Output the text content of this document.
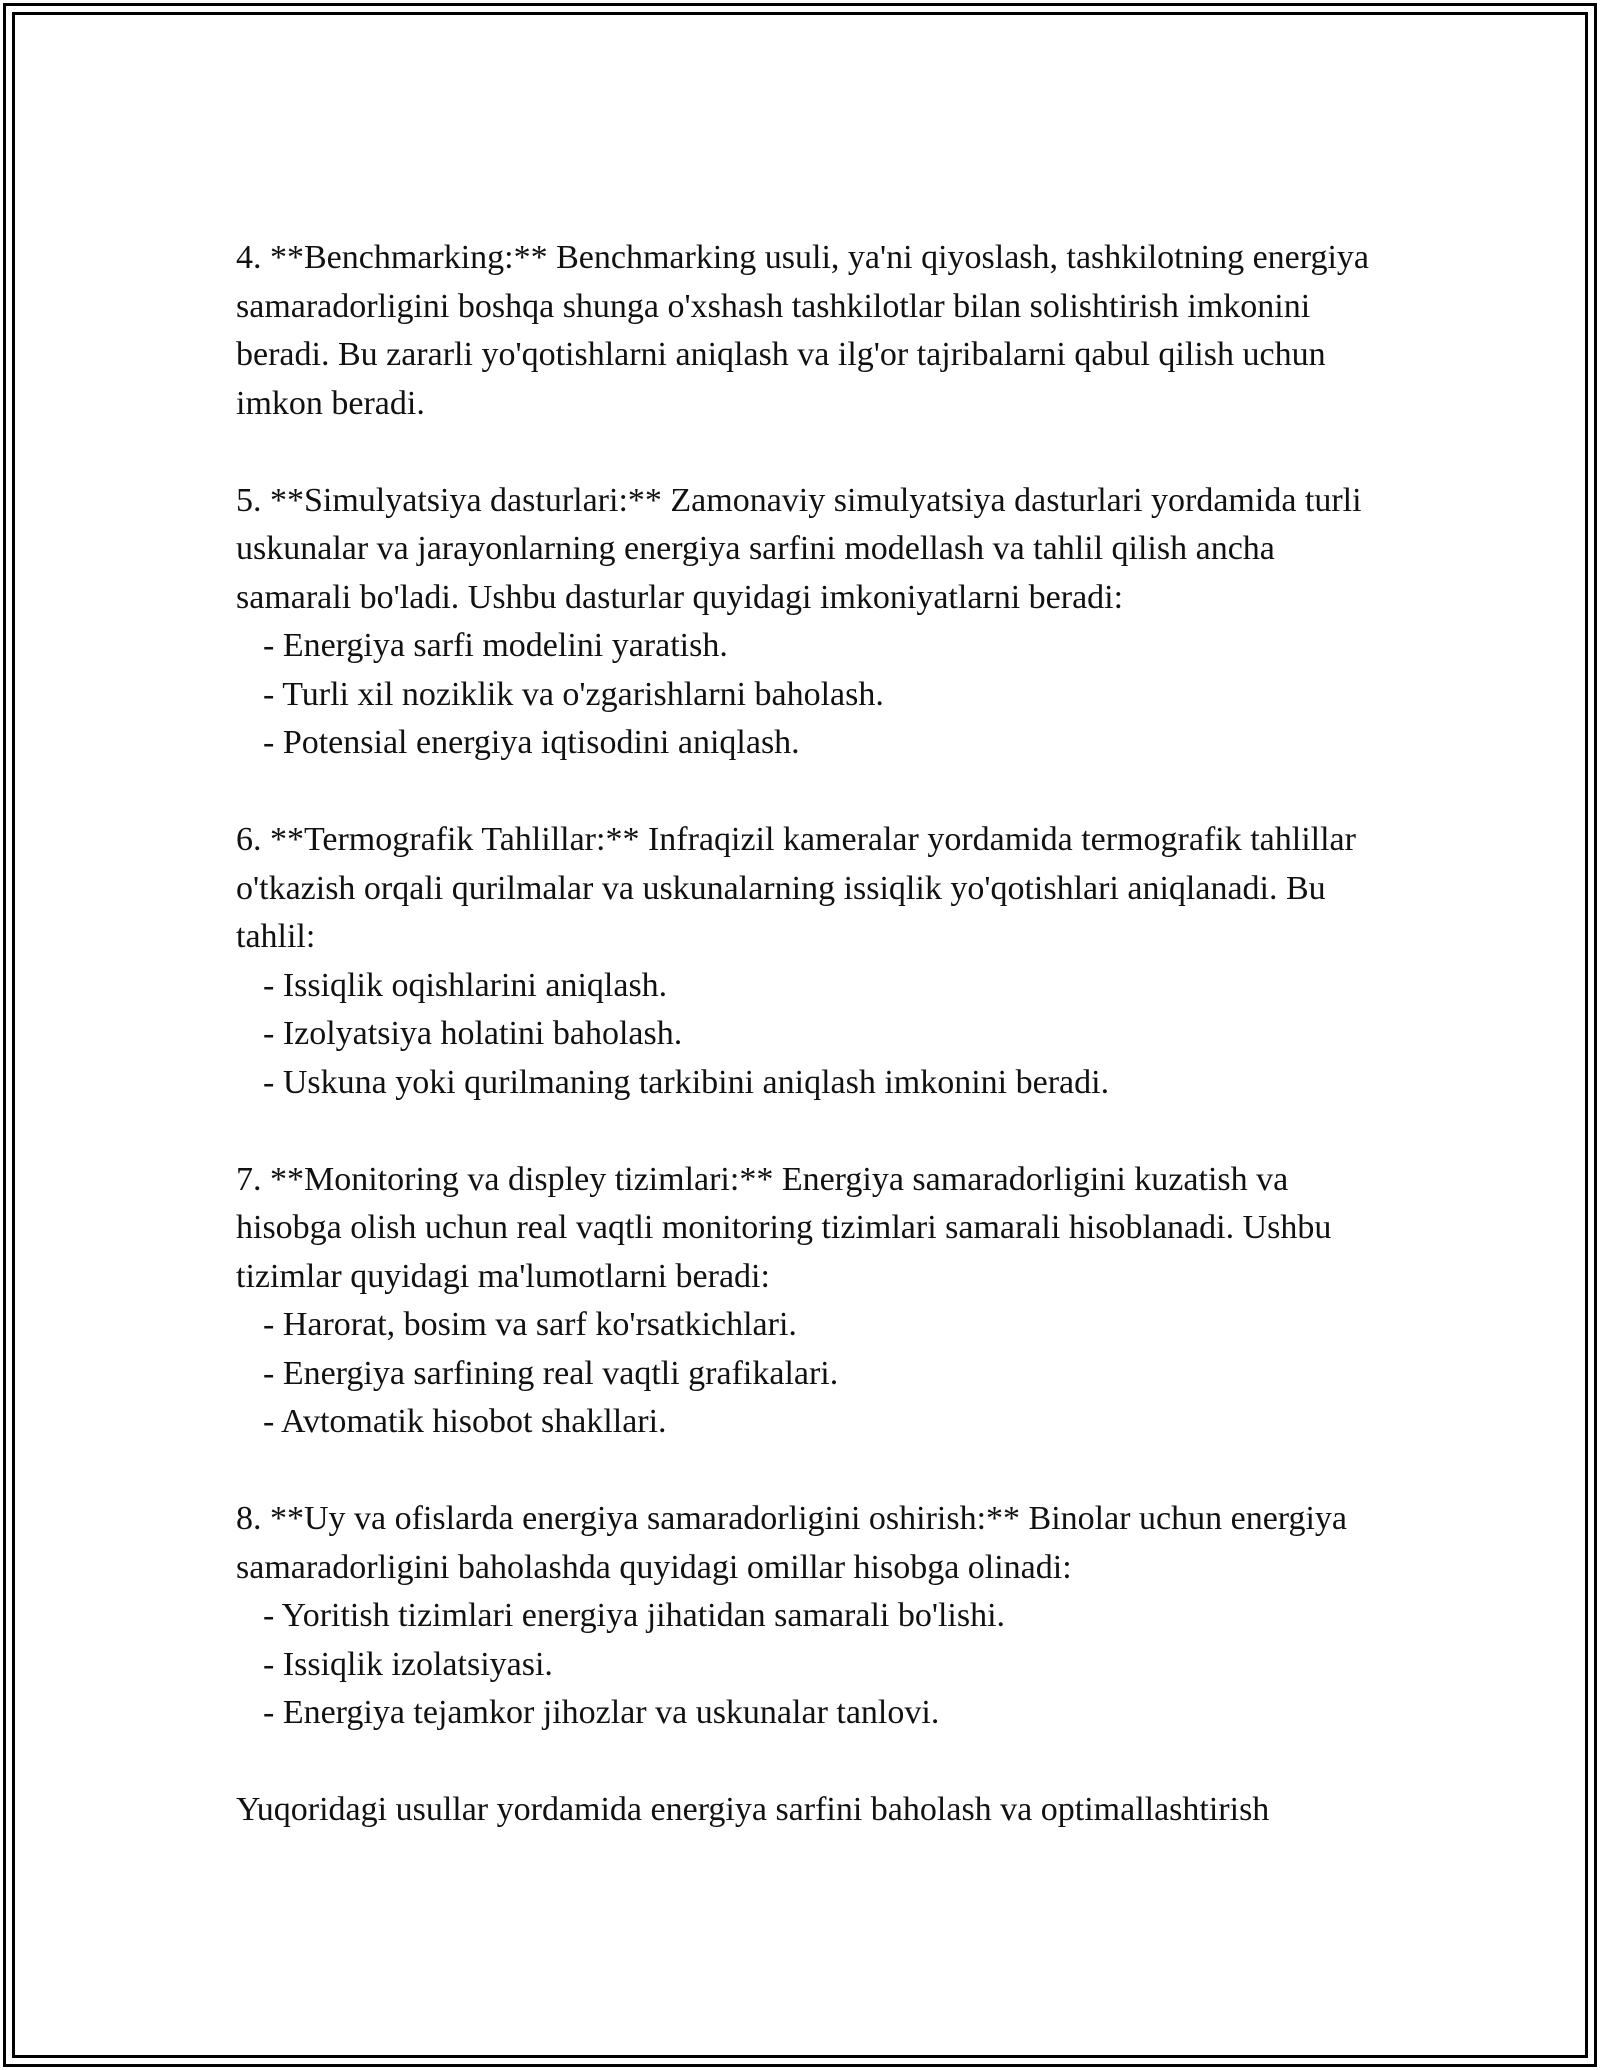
4. **Benchmarking:** Benchmarking usuli, ya'ni qiyoslash, tashkilotning energiya samaradorligini boshqa shunga o'xshash tashkilotlar bilan solishtirish imkonini beradi. Bu zararli yo'qotishlarni aniqlash va ilg'or tajribalarni qabul qilish uchun imkon beradi.

5. **Simulyatsiya dasturlari:** Zamonaviy simulyatsiya dasturlari yordamida turli uskunalar va jarayonlarning energiya sarfini modellash va tahlil qilish ancha samarali bo'ladi. Ushbu dasturlar quyidagi imkoniyatlarni beradi:

- Energiya sarfi modelini yaratish.
- Turli xil noziklik va o'zgarishlarni baholash.
- Potensial energiya iqtisodini aniqlash.

6. **Termografik Tahlillar:** Infraqizil kameralar yordamida termografik tahlillar o'tkazish orqali qurilmalar va uskunalarning issiqlik yo'qotishlari aniqlanadi. Bu tahlil:

- Issiqlik oqishlarini aniqlash.
- Izolyatsiya holatini baholash.
- Uskuna yoki qurilmaning tarkibini aniqlash imkonini beradi.

7. **Monitoring va displey tizimlari:** Energiya samaradorligini kuzatish va hisobga olish uchun real vaqtli monitoring tizimlari samarali hisoblanadi. Ushbu tizimlar quyidagi ma'lumotlarni beradi:

- Harorat, bosim va sarf ko'rsatkichlari.
- Energiya sarfining real vaqtli grafikalari.
- Avtomatik hisobot shakllari.

8. **Uy va ofislarda energiya samaradorligini oshirish:** Binolar uchun energiya samaradorligini baholashda quyidagi omillar hisobga olinadi:

- Yoritish tizimlari energiya jihatidan samarali bo'lishi.
- Issiqlik izolatsiyasi.
- Energiya tejamkor jihozlar va uskunalar tanlovi.

Yuqoridagi usullar yordamida energiya sarfini baholash va optimallashtirish
